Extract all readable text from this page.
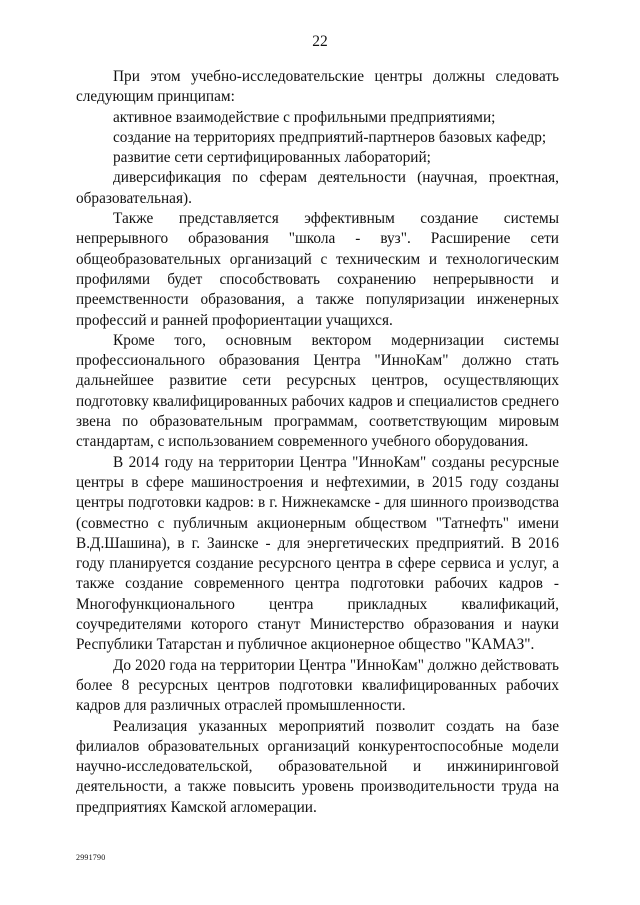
22

При этом учебно-исследовательские центры должны следовать следующим принципам:

активное взаимодействие с профильными предприятиями;

создание на территориях предприятий-партнеров базовых кафедр;

развитие сети сертифицированных лабораторий;

диверсификация по сферам деятельности (научная, проектная, образовательная).

Также представляется эффективным создание системы непрерывного образования "школа - вуз". Расширение сети общеобразовательных организаций с техническим и технологическим профилями будет способствовать сохранению непрерывности и преемственности образования, а также популяризации инженерных профессий и ранней профориентации учащихся.

Кроме того, основным вектором модернизации системы профессионального образования Центра "ИнноКам" должно стать дальнейшее развитие сети ресурсных центров, осуществляющих подготовку квалифицированных рабочих кадров и специалистов среднего звена по образовательным программам, соответствующим мировым стандартам, с использованием современного учебного оборудования.

В 2014 году на территории Центра "ИнноКам" созданы ресурсные центры в сфере машиностроения и нефтехимии, в 2015 году созданы центры подготовки кадров: в г. Нижнекамске - для шинного производства (совместно с публичным акционерным обществом "Татнефть" имени В.Д.Шашина), в г. Заинске - для энергетических предприятий. В 2016 году планируется создание ресурсного центра в сфере сервиса и услуг, а также создание современного центра подготовки рабочих кадров - Многофункционального центра прикладных квалификаций, соучредителями которого станут Министерство образования и науки Республики Татарстан и публичное акционерное общество "КАМАЗ".

До 2020 года на территории Центра "ИнноКам" должно действовать более 8 ресурсных центров подготовки квалифицированных рабочих кадров для различных отраслей промышленности.

Реализация указанных мероприятий позволит создать на базе филиалов образовательных организаций конкурентоспособные модели научно-исследовательской, образовательной и инжиниринговой деятельности, а также повысить уровень производительности труда на предприятиях Камской агломерации.

2991790
